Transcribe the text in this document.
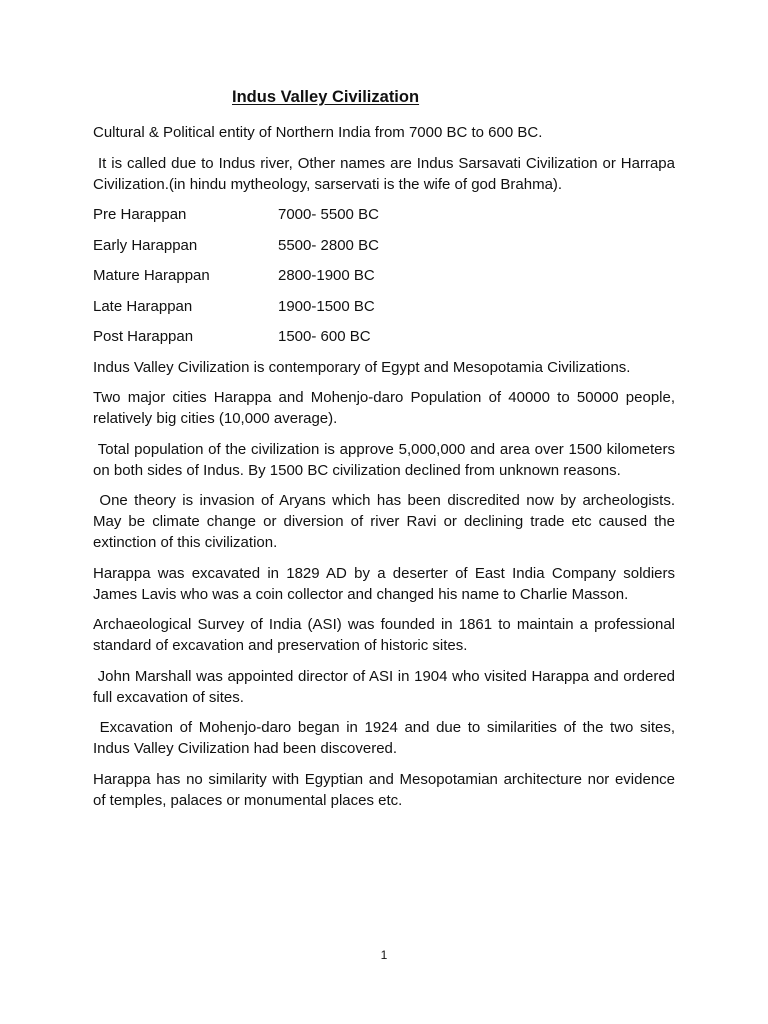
Indus Valley Civilization

Cultural & Political entity of Northern India from 7000 BC to 600 BC.

It is called due to Indus river, Other names are Indus Sarsavati Civilization or Harrapa Civilization.(in hindu mytheology, sarservati is the wife of god Brahma).

Pre Harappan	7000- 5500 BC
Early Harappan	5500- 2800 BC
Mature Harappan	2800-1900 BC
Late Harappan	1900-1500 BC
Post Harappan	1500- 600 BC

Indus Valley Civilization is contemporary of Egypt and Mesopotamia Civilizations.

Two major cities Harappa and Mohenjo-daro Population of 40000 to 50000 people, relatively big cities (10,000 average).

Total population of the civilization is approve 5,000,000 and area over 1500 kilometers on both sides of Indus. By 1500 BC civilization declined from unknown reasons.

One theory is invasion of Aryans which has been discredited now by archeologists. May be climate change or diversion of river Ravi or declining trade etc caused the extinction of this civilization.

Harappa was excavated in 1829 AD by a deserter of East India Company soldiers James Lavis who was a coin collector and changed his name to Charlie Masson.

Archaeological Survey of India (ASI) was founded in 1861 to maintain a professional standard of excavation and preservation of historic sites.

John Marshall was appointed director of ASI in 1904 who visited Harappa and ordered full excavation of sites.

Excavation of Mohenjo-daro began in 1924 and due to similarities of the two sites, Indus Valley Civilization had been discovered.

Harappa has no similarity with Egyptian and Mesopotamian architecture nor evidence of temples, palaces or monumental places etc.

1
